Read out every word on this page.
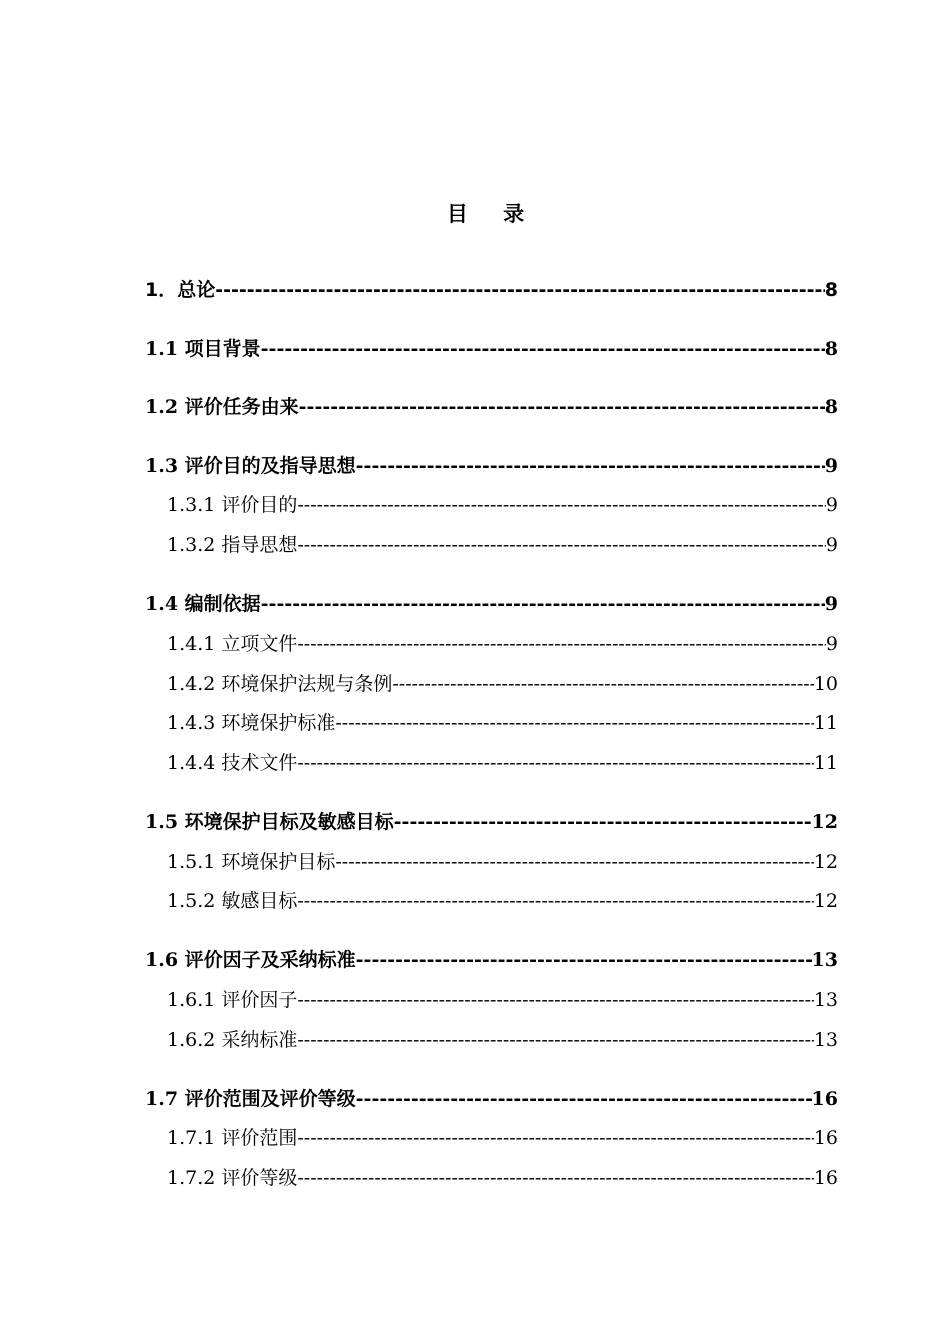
目 录
1．总论 -----	8
1.1 项目背景 -----	8
1.2 评价任务由来 -----	8
1.3 评价目的及指导思想 -----	9
1.3.1 评价目的 -----	9
1.3.2 指导思想 -----	9
1.4 编制依据 -----	9
1.4.1 立项文件 -----	9
1.4.2 环境保护法规与条例 -----	10
1.4.3 环境保护标准 -----	11
1.4.4 技术文件 -----	11
1.5 环境保护目标及敏感目标 -----	12
1.5.1 环境保护目标 -----	12
1.5.2 敏感目标 -----	12
1.6 评价因子及采纳标准 -----	13
1.6.1 评价因子 -----	13
1.6.2 采纳标准 -----	13
1.7 评价范围及评价等级 -----	16
1.7.1 评价范围 -----	16
1.7.2 评价等级 -----	16
